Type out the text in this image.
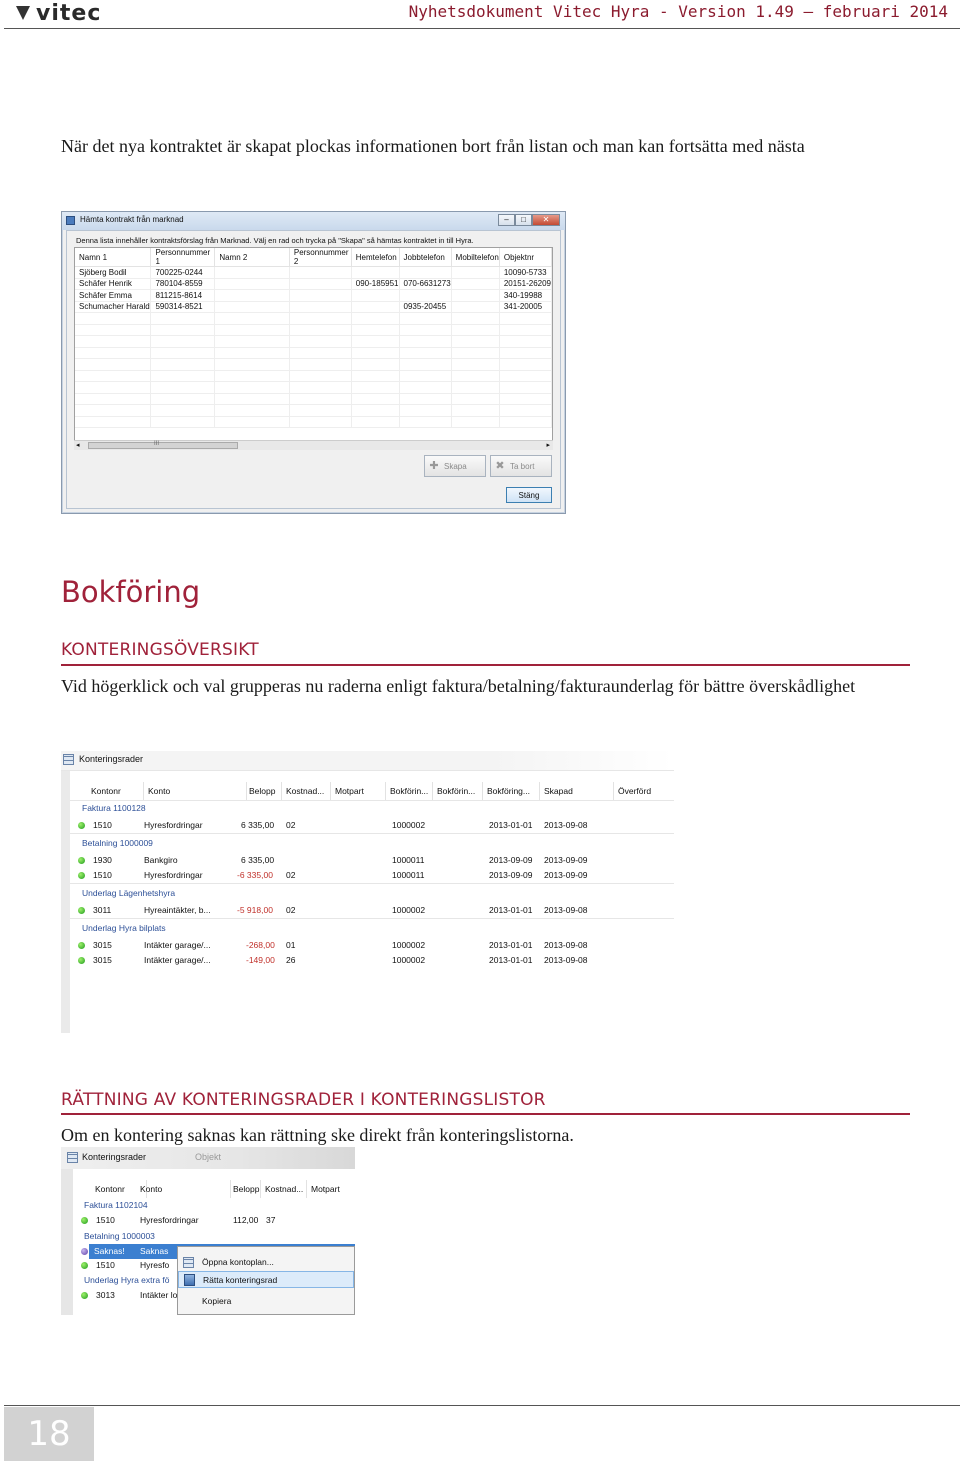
vitec	Nyhetsdokument Vitec Hyra - Version 1.49 – februari 2014
När det nya kontraktet är skapat plockas informationen bort från listan och man kan fortsätta med nästa
Hämta kontrakt från marknad	–	□	✕
Denna lista innehåller kontraktsförslag från Marknad. Välj en rad och trycka på "Skapa" så hämtas kontraktet in till Hyra.
Namn 1	Personnummer 1	Namn 2	Personnummer 2	Hemtelefon	Jobbtelefon	Mobiltelefon	Objektnr
Sjöberg Bodil	700225-0244						10090-5733
Schäfer Henrik	780104-8559			090-185951	070-6631273		20151-26209
Schäfer Emma	811215-8614						340-19988
Schumacher Harald	590314-8521				0935-20455		341-20005

◂	III	▸
✚ Skapa	✖ Ta bort
Stäng
Bokföring
KONTERINGSÖVERSIKT
Vid högerklick och val grupperas nu raderna enligt faktura/betalning/fakturaunderlag för bättre överskådlighet
Konteringsrader
Kontonr	Konto	Belopp	Kostnad...	Motpart	Bokförin...	Bokförin...	Bokföring...	Skapad	Överförd
Faktura 1100128
1510	Hyresfordringar	6 335,00 02	1000002	2013-01-01 2013-09-08
Betalning 1000009
1930	Bankgiro	6 335,00	1000011	2013-09-09 2013-09-09
1510	Hyresfordringar	-6 335,00 02	1000011	2013-09-09 2013-09-09
Underlag Lägenhetshyra
3011	Hyreaintäkter, b...	-5 918,00 02	1000002	2013-01-01 2013-09-08
Underlag Hyra bilplats
3015	Intäkter garage/...	-268,00 01	1000002	2013-01-01 2013-09-08
3015	Intäkter garage/...	-149,00 26	1000002	2013-01-01 2013-09-08
RÄTTNING AV KONTERINGSRADER I KONTERINGSLISTOR
Om en kontering saknas kan rättning ske direkt från konteringslistorna.
Konteringsrader	Objekt
Kontonr	Konto	Belopp Kostnad... Motpart
Faktura 1102104
1510	Hyresfordringar	112,00 37
Betalning 1000003
Saknas! Saknas
1510	Hyresfo
Underlag Hyra extra fö
3013	Intäkter lo
Öppna kontoplan...
Rätta konteringsrad
Kopiera
18
